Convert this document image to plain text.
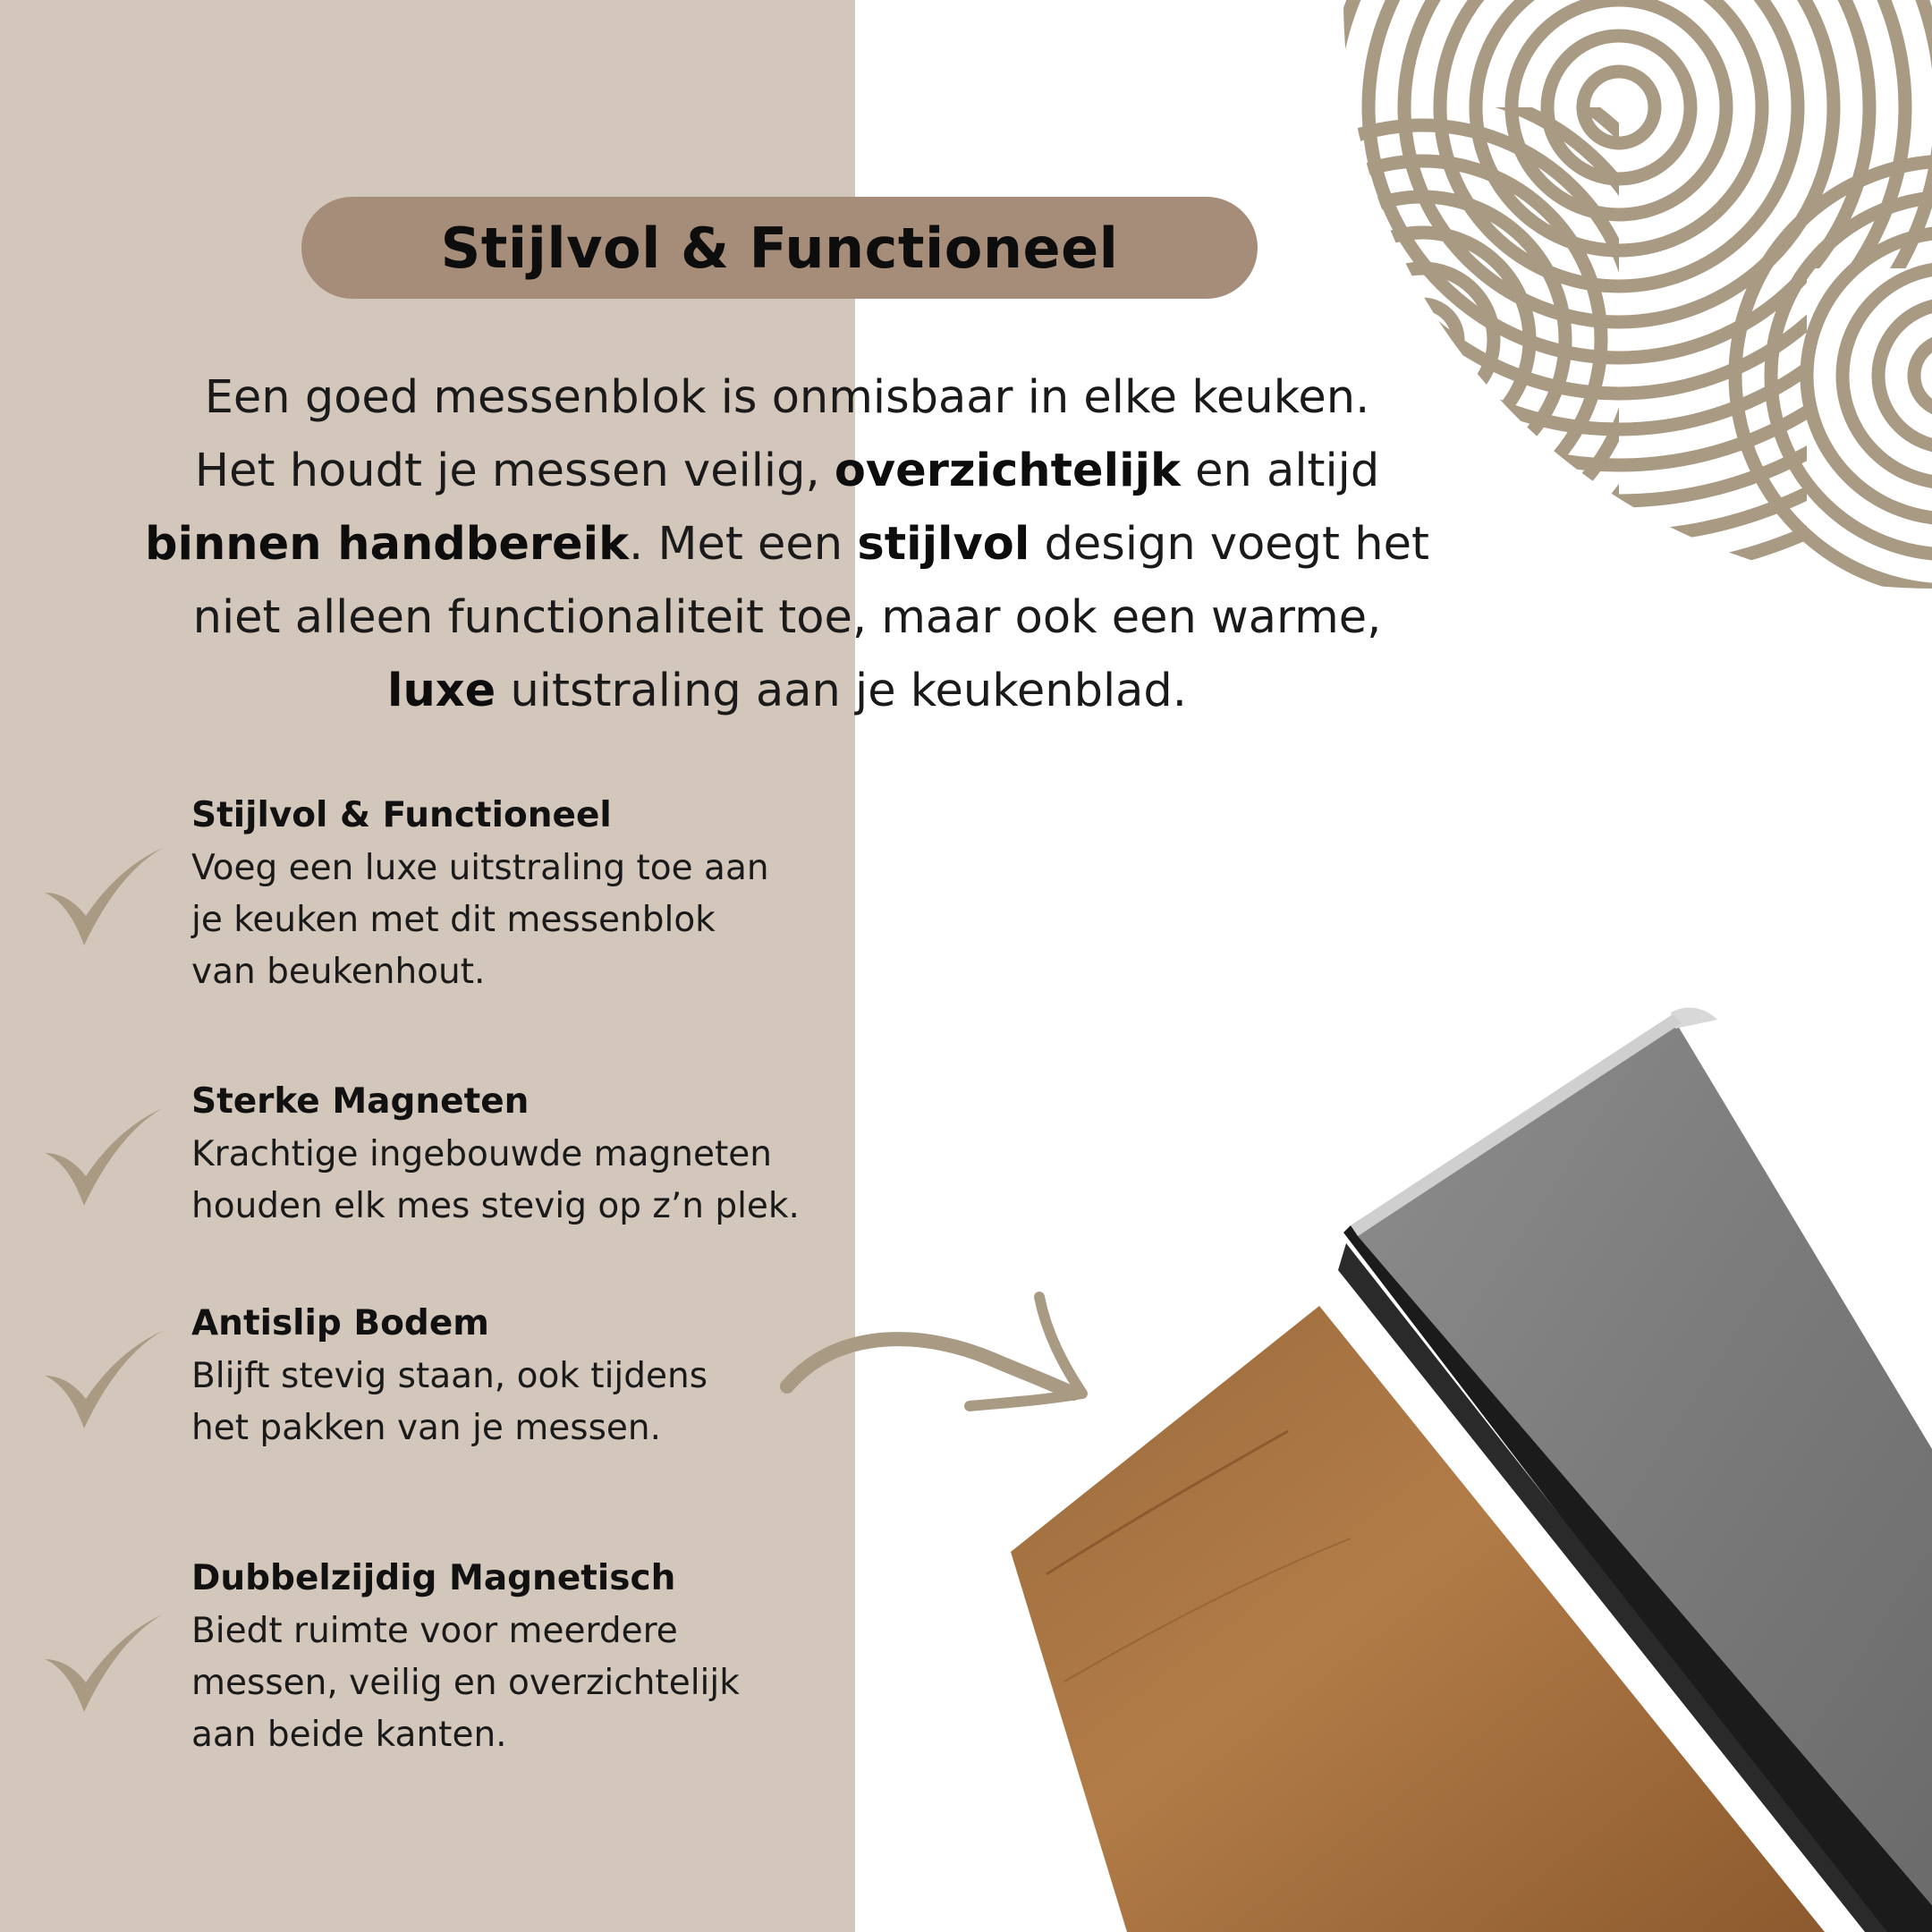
Stijlvol & Functioneel
Een goed messenblok is onmisbaar in elke keuken.
Het houdt je messen veilig, overzichtelijk en altijd
binnen handbereik. Met een stijlvol design voegt het
niet alleen functionaliteit toe, maar ook een warme,
luxe uitstraling aan je keukenblad.
Stijlvol & Functioneel
Voeg een luxe uitstraling toe aan
je keuken met dit messenblok
van beukenhout.
Sterke Magneten
Krachtige ingebouwde magneten
houden elk mes stevig op z’n plek.
Antislip Bodem
Blijft stevig staan, ook tijdens
het pakken van je messen.
Dubbelzijdig Magnetisch
Biedt ruimte voor meerdere
messen, veilig en overzichtelijk
aan beide kanten.
